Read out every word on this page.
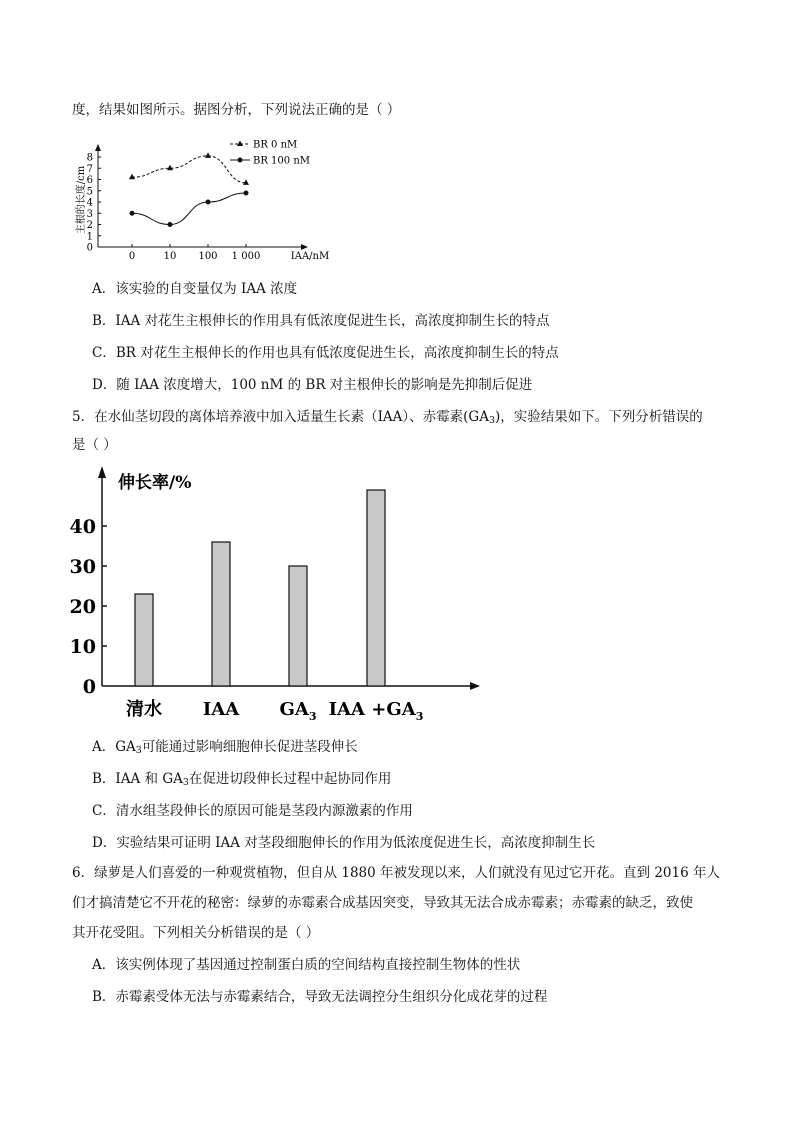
度，结果如图所示。据图分析，下列说法正确的是（ ）
主根的长度/cm
IAA/nM
0
1
2
3
4
5
6
7
8
0	10 100 1 000
BR 0 nM
BR 100 nM
A．该实验的自变量仅为 IAA 浓度
B．IAA 对花生主根伸长的作用具有低浓度促进生长，高浓度抑制生长的特点
C．BR 对花生主根伸长的作用也具有低浓度促进生长，高浓度抑制生长的特点
D．随 IAA 浓度增大，100 nM 的 BR 对主根伸长的影响是先抑制后促进
5．在水仙茎切段的离体培养液中加入适量生长素（IAA）、赤霉素$(GA_3)$，实验结果如下。下列分析错误的
是（ ）
伸长率/%
0
10
20
30
40
清水 IAA $GA_3$ IAA $+GA_3$
A．$GA_3$可能通过影响细胞伸长促进茎段伸长
B．IAA 和 $GA_3$在促进切段伸长过程中起协同作用
C．清水组茎段伸长的原因可能是茎段内源激素的作用
D．实验结果可证明 IAA 对茎段细胞伸长的作用为低浓度促进生长，高浓度抑制生长
6．绿萝是人们喜爱的一种观赏植物，但自从 1880 年被发现以来，人们就没有见过它开花。直到 2016 年人
们才搞清楚它不开花的秘密：绿萝的赤霉素合成基因突变，导致其无法合成赤霉素；赤霉素的缺乏，致使
其开花受阻。下列相关分析错误的是（ ）
A．该实例体现了基因通过控制蛋白质的空间结构直接控制生物体的性状
B．赤霉素受体无法与赤霉素结合，导致无法调控分生组织分化成花芽的过程
